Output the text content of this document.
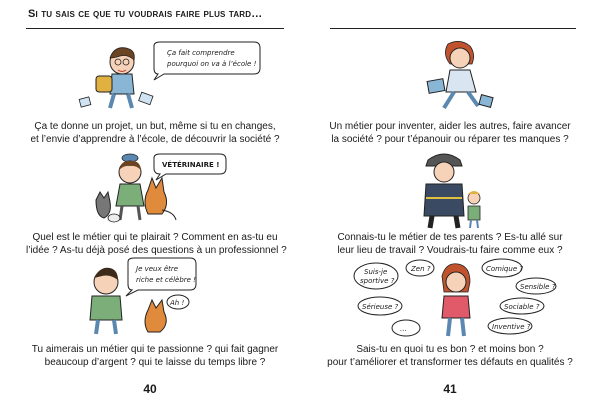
Si tu sais ce que tu voudrais faire plus tard…
Ça fait comprendre
pourquoi on va à l’école !
Ça te donne un projet, un but, même si tu en changes,
et l’envie d’apprendre à l’école, de découvrir la société ?
VÉTÉRINAIRE !
Quel est le métier qui te plairait ? Comment en as-tu eu
l’idée ? As-tu déjà posé des questions à un professionnel ?
Je veux être
riche et célèbre !
Ah !
Tu aimerais un métier qui te passionne ? qui fait gagner
beaucoup d’argent ? qui te laisse du temps libre ?
40
Un métier pour inventer, aider les autres, faire avancer
la société ? pour t’épanouir ou réparer tes manques ?
Connais-tu le métier de tes parents ? Es-tu allé sur
leur lieu de travail ? Voudrais-tu faire comme eux ?
Suis-je
sportive ?
Zen ?	Comique ?
Sensible ?
Sérieuse ?	Sociable ?
…	Inventive ?
Sais-tu en quoi tu es bon ? et moins bon ?
pour t’améliorer et transformer tes défauts en qualités ?
41
